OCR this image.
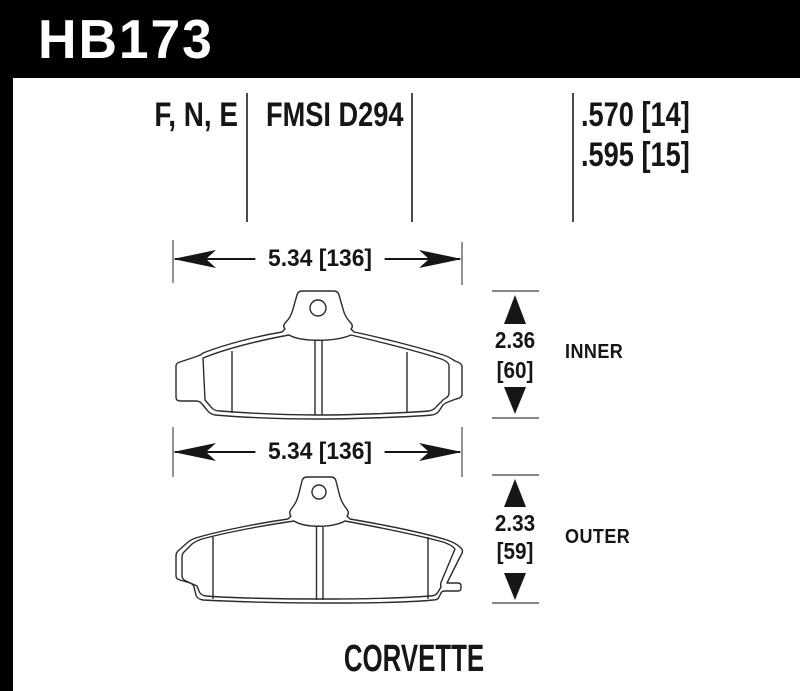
HB173
F, N, E FMSI D294	.570 [14]
.595 [15]
5.34 [136]
5.34 [136]
2.36
[60]
INNER
2.33
[59]
OUTER
CORVETTE
